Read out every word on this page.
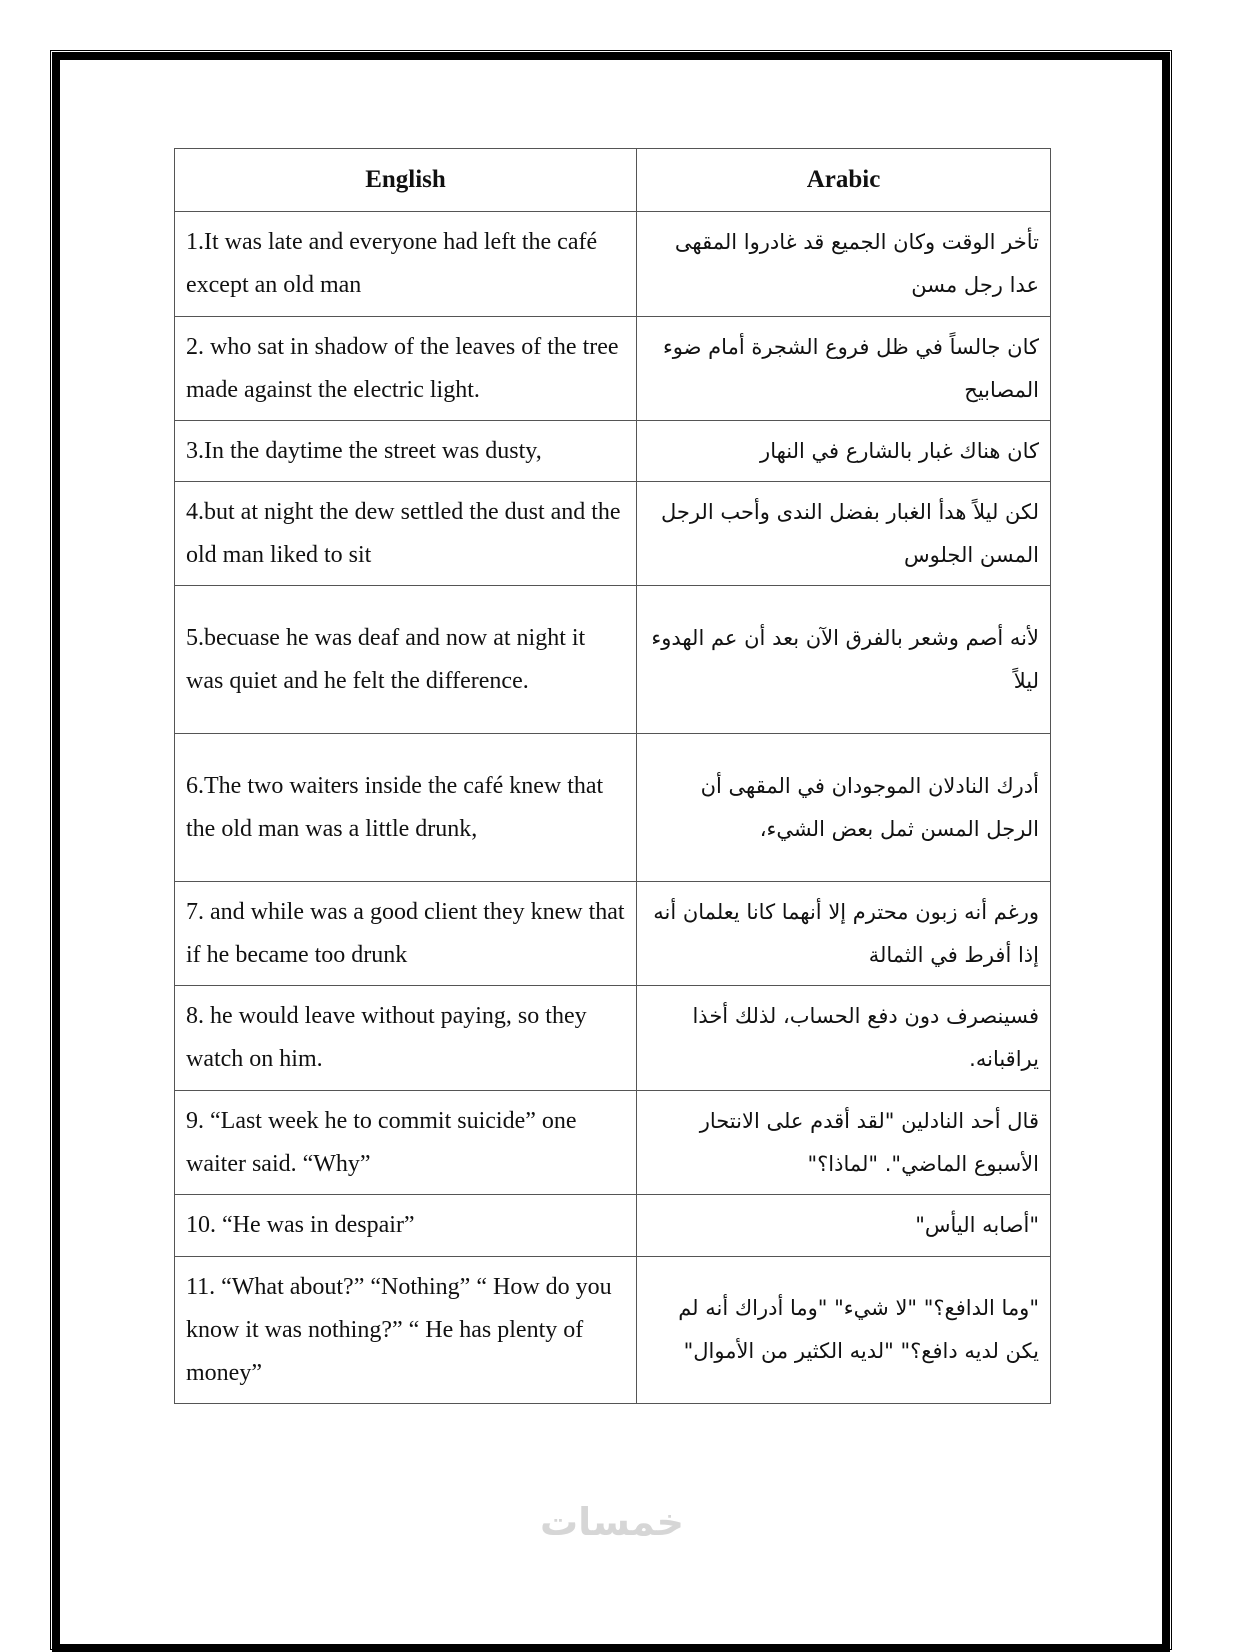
English	Arabic
1.It was late and everyone had left the café except an old man	تأخر الوقت وكان الجميع قد غادروا المقهى عدا رجل مسن
2. who sat in shadow of the leaves of the tree made against the electric light.	كان جالساً في ظل فروع الشجرة أمام ضوء المصابيح
3.In the daytime the street was dusty,	كان هناك غبار بالشارع في النهار
4.but at night the dew settled the dust and the old man liked to sit	لكن ليلاً هدأ الغبار بفضل الندى وأحب الرجل المسن الجلوس
5.becuase he was deaf and now at night it was quiet and he felt the difference.	لأنه أصم وشعر بالفرق الآن بعد أن عم الهدوء ليلاً
6.The two waiters inside the café knew that the old man was a little drunk,	أدرك النادلان الموجودان في المقهى أن الرجل المسن ثمل بعض الشيء،
7. and while was a good client they knew that if he became too drunk	ورغم أنه زبون محترم إلا أنهما كانا يعلمان أنه إذا أفرط في الثمالة
8. he would leave without paying, so they watch on him.	فسينصرف دون دفع الحساب، لذلك أخذا يراقبانه.
9. “Last week he to commit suicide” one waiter said. “Why”	قال أحد النادلين "لقد أقدم على الانتحار الأسبوع الماضي". "لماذا؟"
10. “He was in despair”	"أصابه اليأس"
11. “What about?” “Nothing” “ How do you know it was nothing?” “ He has plenty of money”	"وما الدافع؟" "لا شيء" "وما أدراك أنه لم يكن لديه دافع؟" "لديه الكثير من الأموال"
خمسات
